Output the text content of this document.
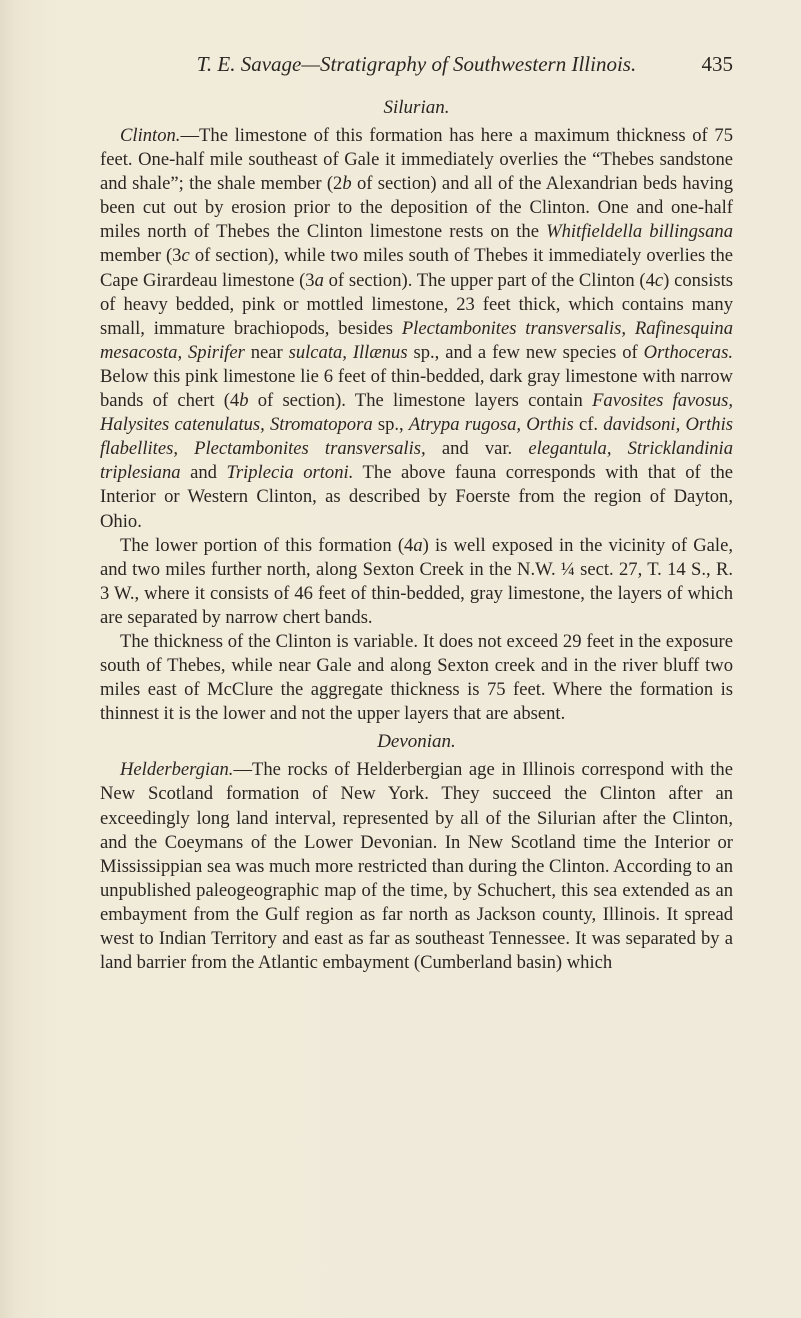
T. E. Savage—Stratigraphy of Southwestern Illinois.	435
Silurian.

Clinton.—The limestone of this formation has here a maximum thickness of 75 feet. One-half mile southeast of Gale it immediately overlies the “Thebes sandstone and shale”; the shale member (2b of section) and all of the Alexandrian beds having been cut out by erosion prior to the deposition of the Clinton. One and one-half miles north of Thebes the Clinton limestone rests on the Whitfieldella billingsana member (3c of section), while two miles south of Thebes it immediately overlies the Cape Girardeau limestone (3a of section). The upper part of the Clinton (4c) consists of heavy bedded, pink or mottled limestone, 23 feet thick, which contains many small, immature brachiopods, besides Plectambonites transversalis, Rafinesquina mesacosta, Spirifer near sulcata, Illænus sp., and a few new species of Orthoceras. Below this pink limestone lie 6 feet of thin-bedded, dark gray limestone with narrow bands of chert (4b of section). The limestone layers contain Favosites favosus, Halysites catenulatus, Stromatopora sp., Atrypa rugosa, Orthis cf. davidsoni, Orthis flabellites, Plectambonites transversalis, and var. elegantula, Stricklandinia triplesiana and Triplecia ortoni. The above fauna corresponds with that of the Interior or Western Clinton, as described by Foerste from the region of Dayton, Ohio.

The lower portion of this formation (4a) is well exposed in the vicinity of Gale, and two miles further north, along Sexton Creek in the N.W. ¼ sect. 27, T. 14 S., R. 3 W., where it consists of 46 feet of thin-bedded, gray limestone, the layers of which are separated by narrow chert bands.

The thickness of the Clinton is variable. It does not exceed 29 feet in the exposure south of Thebes, while near Gale and along Sexton creek and in the river bluff two miles east of McClure the aggregate thickness is 75 feet. Where the formation is thinnest it is the lower and not the upper layers that are absent.

Devonian.

Helderbergian.—The rocks of Helderbergian age in Illinois correspond with the New Scotland formation of New York. They succeed the Clinton after an exceedingly long land interval, represented by all of the Silurian after the Clinton, and the Coeymans of the Lower Devonian. In New Scotland time the Interior or Mississippian sea was much more restricted than during the Clinton. According to an unpublished paleogeographic map of the time, by Schuchert, this sea extended as an embayment from the Gulf region as far north as Jackson county, Illinois. It spread west to Indian Territory and east as far as southeast Tennessee. It was separated by a land barrier from the Atlantic embayment (Cumberland basin) which
